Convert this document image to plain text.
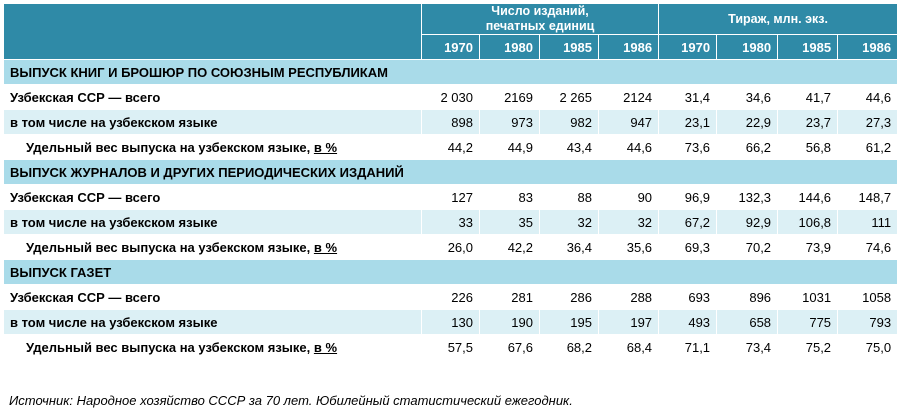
	Число изданий,
печатных единиц				Тираж, млн. экз.			
	1970	1980	1985	1986	1970	1980	1985	1986
ВЫПУСК КНИГ И БРОШЮР ПО СОЮЗНЫМ РЕСПУБЛИКАМ								
Узбекская ССР — всего	2 030	2169	2 265	2124	31,4	34,6	41,7	44,6
в том числе на узбекском языке	898	973	982	947	23,1	22,9	23,7	27,3
Удельный вес выпуска на узбекском языке, в %	44,2	44,9	43,4	44,6	73,6	66,2	56,8	61,2
ВЫПУСК ЖУРНАЛОВ И ДРУГИХ ПЕРИОДИЧЕСКИХ ИЗДАНИЙ								
Узбекская ССР — всего	127	83	88	90	96,9	132,3	144,6	148,7
в том числе на узбекском языке	33	35	32	32	67,2	92,9	106,8	111
Удельный вес выпуска на узбекском языке, в %	26,0	42,2	36,4	35,6	69,3	70,2	73,9	74,6
ВЫПУСК ГАЗЕТ								
Узбекская ССР — всего	226	281	286	288	693	896	1031	1058
в том числе на узбекском языке	130	190	195	197	493	658	775	793
Удельный вес выпуска на узбекском языке, в %	57,5	67,6	68,2	68,4	71,1	73,4	75,2	75,0
Источник: Народное хозяйство СССР за 70 лет. Юбилейный статистический ежегодник.
